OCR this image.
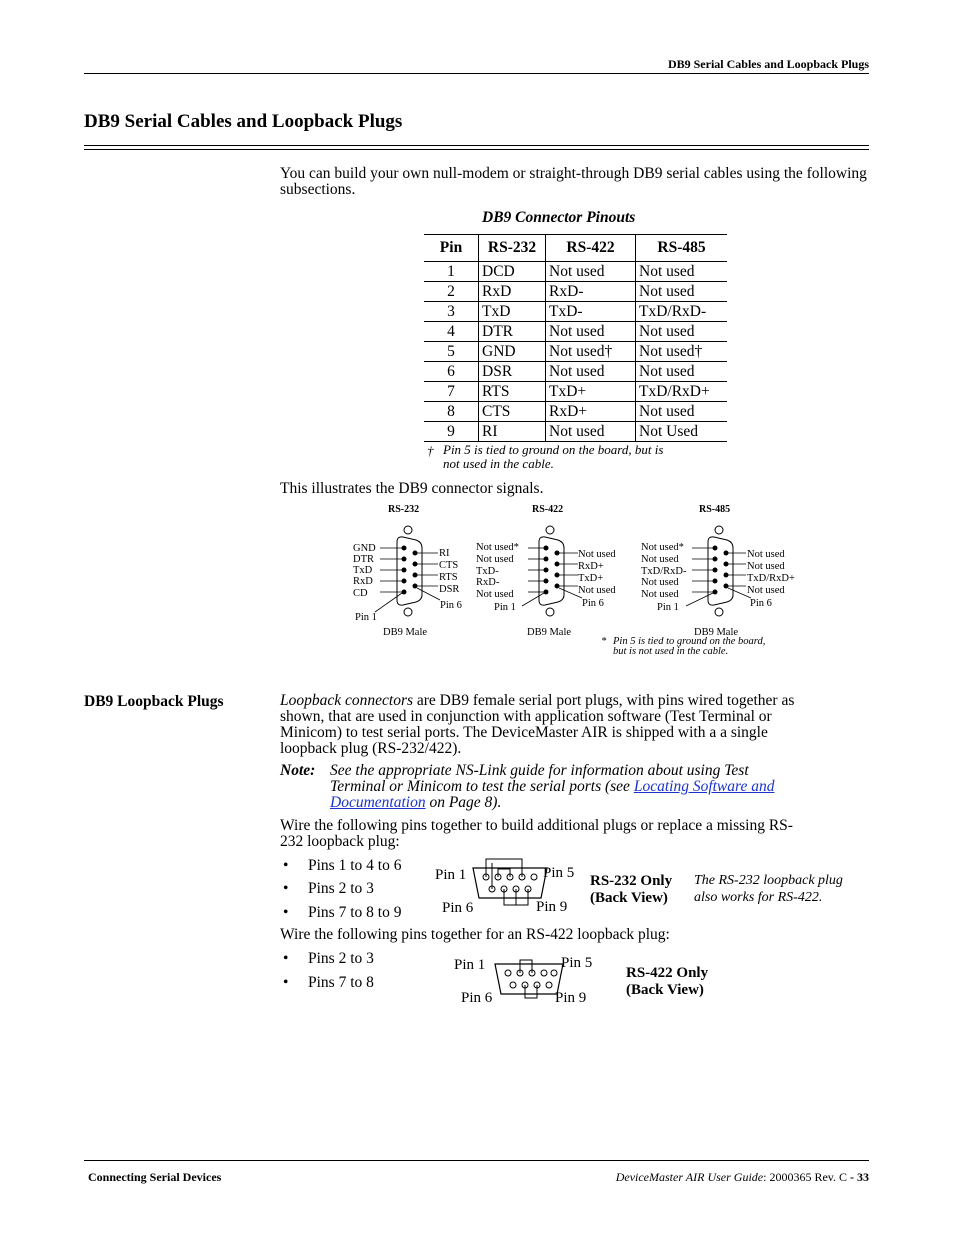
DB9 Serial Cables and Loopback Plugs
DB9 Serial Cables and Loopback Plugs
You can build your own null-modem or straight-through DB9 serial cables using the following subsections.
DB9 Connector Pinouts
Pin	RS-232	RS-422	RS-485
1	DCD	Not used	Not used
2	RxD	RxD-	Not used
3	TxD	TxD-	TxD/RxD-
4	DTR	Not used	Not used
5	GND	Not used†	Not used†
6	DSR	Not used	Not used
7	RTS	TxD+	TxD/RxD+
8	CTS	RxD+	Not used
9	RI	Not used	Not Used
† Pin 5 is tied to ground on the board, but is
not used in the cable.
This illustrates the DB9 connector signals.
RS-232
GND
DTR
TxD
RxD
CD
RI
CTS
RTS
DSR
Pin 1
Pin 6
DB9 Male
RS-422
Not used*
Not used
TxD-
RxD-
Not used
Not used
RxD+
TxD+
Not used
Pin 1	Pin 6
DB9 Male
RS-485
Not used*
Not used
TxD/RxD-
Not used
Not used
Not used
Not used
TxD/RxD+
Not used
Pin 1	Pin 6
DB9 Male
* Pin 5 is tied to ground on the board,
but is not used in the cable.
DB9 Loopback Plugs	Loopback connectors are DB9 female serial port plugs, with pins wired together as
shown, that are used in conjunction with application software (Test Terminal or
Minicom) to test serial ports. The DeviceMaster AIR is shipped with a a single
loopback plug (RS-232/422).
Note: See the appropriate NS-Link guide for information about using Test
Terminal or Minicom to test the serial ports (see Locating Software and
Documentation on Page 8).
Wire the following pins together to build additional plugs or replace a missing RS-
232 loopback plug:
• Pins 1 to 4 to 6
• Pins 2 to 3
• Pins 7 to 8 to 9
Pin 1	Pin 5
Pin 6	Pin 9
RS-232 Only
(Back View)
The RS-232 loopback plug
also works for RS-422.
Wire the following pins together for an RS-422 loopback plug:
• Pins 2 to 3
• Pins 7 to 8
Pin 1	Pin 5
Pin 6	Pin 9
RS-422 Only
(Back View)
Connecting Serial Devices	DeviceMaster AIR User Guide: 2000365 Rev. C - 33
